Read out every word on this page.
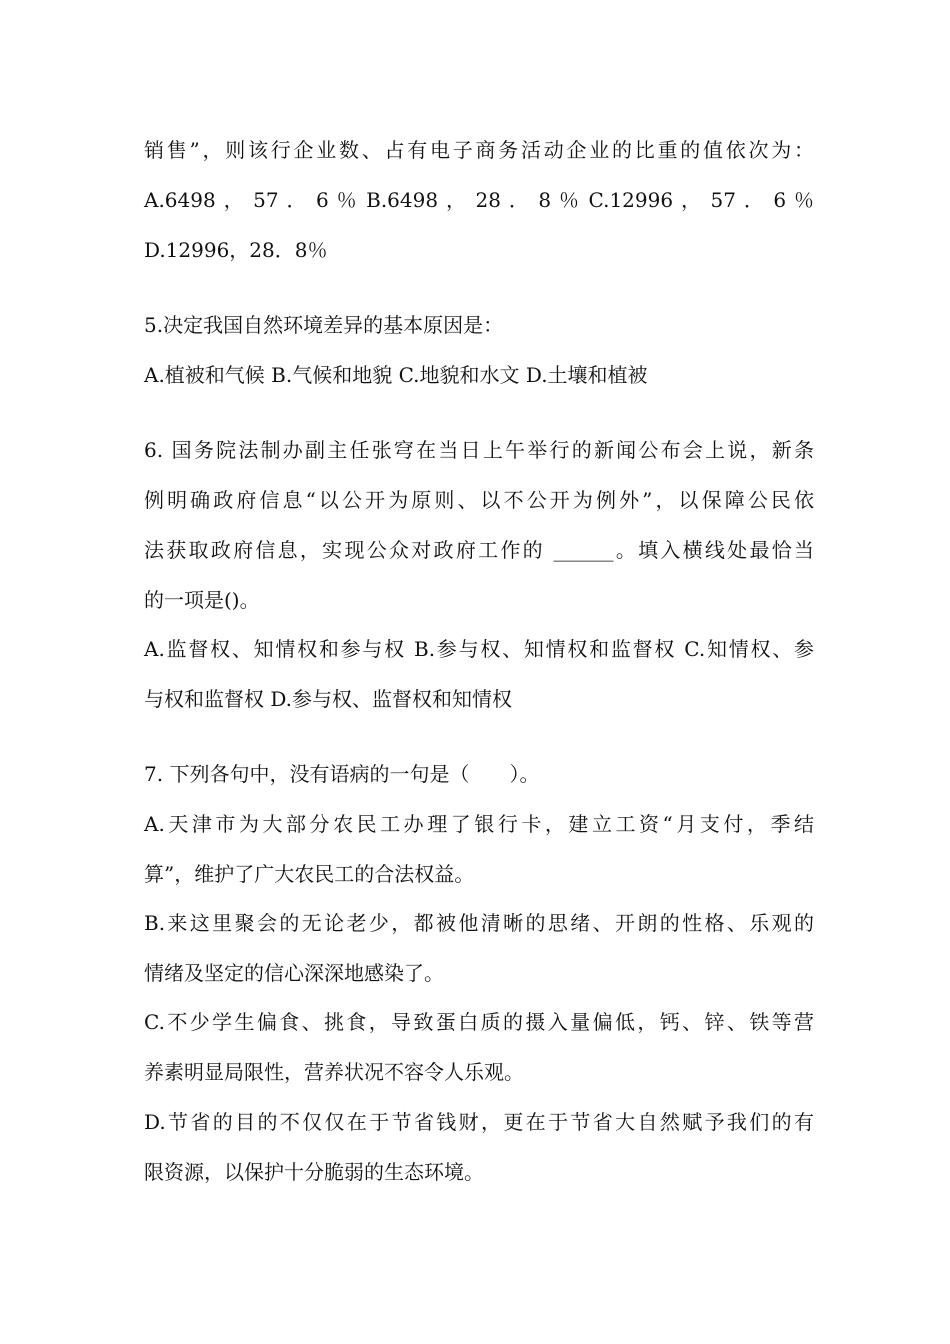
销售”，则该行企业数、占有电子商务活动企业的比重的值依次为：
A.6498 ， 57 ． 6 ％ B.6498 ， 28 ． 8 ％ C.12996 ， 57 ． 6 ％
D.12996，28．8％
5.决定我国自然环境差异的基本原因是：
A.植被和气候 B.气候和地貌 C.地貌和水文 D.土壤和植被
6. 国务院法制办副主任张穹在当日上午举行的新闻公布会上说，新条
例明确政府信息“以公开为原则、以不公开为例外”，以保障公民依
法获取政府信息，实现公众对政府工作的 ______。填入横线处最恰当
的一项是()。
A.监督权、知情权和参与权 B.参与权、知情权和监督权 C.知情权、参
与权和监督权 D.参与权、监督权和知情权
7. 下列各句中，没有语病的一句是（　　）。
A.天津市为大部分农民工办理了银行卡，建立工资“月支付，季结
算”，维护了广大农民工的合法权益。
B.来这里聚会的无论老少，都被他清晰的思绪、开朗的性格、乐观的
情绪及坚定的信心深深地感染了。
C.不少学生偏食、挑食，导致蛋白质的摄入量偏低，钙、锌、铁等营
养素明显局限性，营养状况不容令人乐观。
D.节省的目的不仅仅在于节省钱财，更在于节省大自然赋予我们的有
限资源，以保护十分脆弱的生态环境。
